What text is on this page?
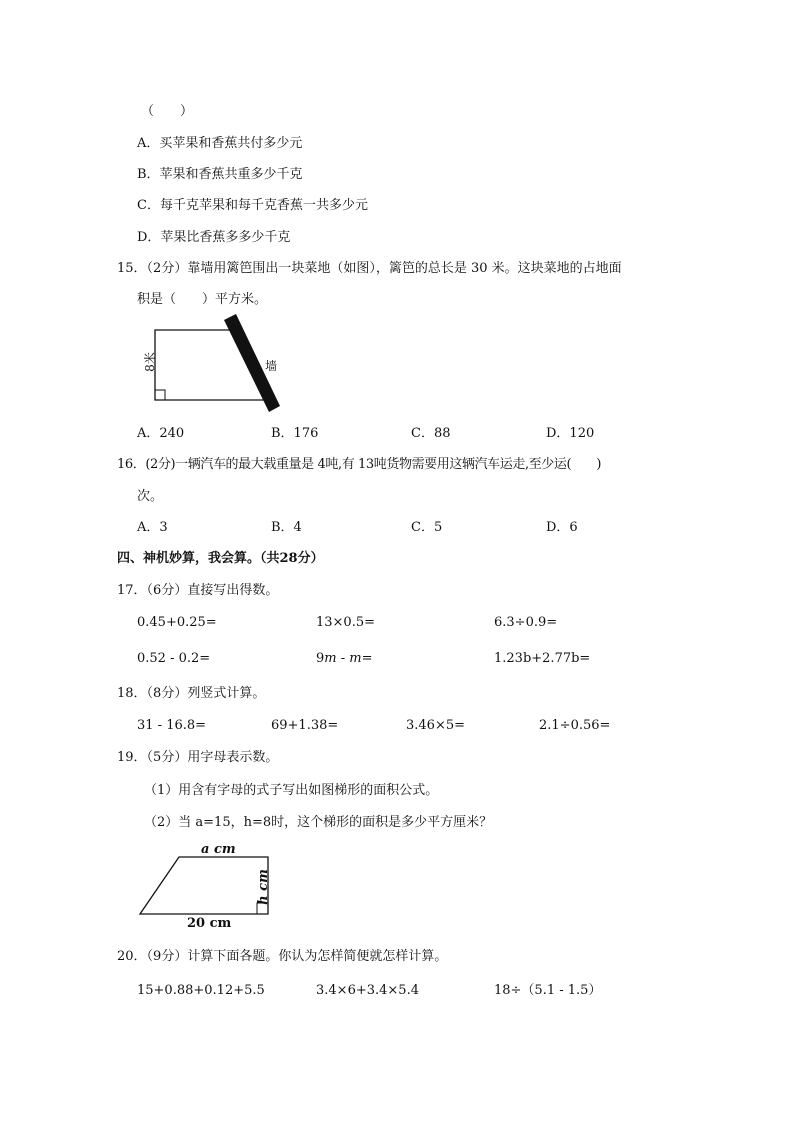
（　　）
A．买苹果和香蕉共付多少元
B．苹果和香蕉共重多少千克
C．每千克苹果和每千克香蕉一共多少元
D．苹果比香蕉多多少千克
15．（2分）靠墙用篱笆围出一块菜地（如图），篱笆的总长是 30 米。这块菜地的占地面
积是（　　）平方米。
8米	墙
A．240	B．176	C．88	D．120
16．(2分)一辆汽车的最大载重量是 4吨,有 13吨货物需要用这辆汽车运走,至少运(　　)
次。
A．3	B．4	C．5	D．6
四、神机妙算，我会算。（共28分）
17．（6分）直接写出得数。
0.45+0.25=	13×0.5=	6.3÷0.9=
0.52 - 0.2=	9m - m=	1.23b+2.77b=
18．（8分）列竖式计算。
31 - 16.8=	69+1.38=	3.46×5=	2.1÷0.56=
19．（5分）用字母表示数。
（1）用含有字母的式子写出如图梯形的面积公式。
（2）当 a=15，h=8时，这个梯形的面积是多少平方厘米？
a cm
h cm
20 cm
20．（9分）计算下面各题。你认为怎样简便就怎样计算。
15+0.88+0.12+5.5	3.4×6+3.4×5.4	18÷（5.1 - 1.5）
